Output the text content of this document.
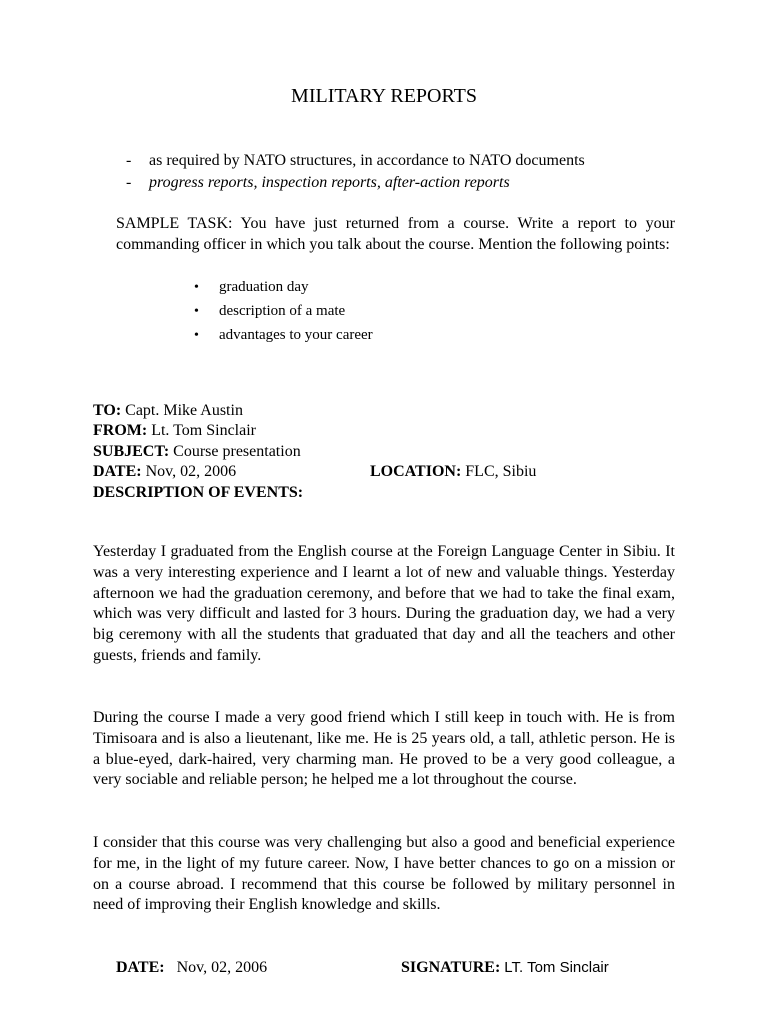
MILITARY REPORTS
- as required by NATO structures, in accordance to NATO documents
- progress reports, inspection reports, after-action reports
SAMPLE TASK: You have just returned from a course. Write a report to your commanding officer in which you talk about the course. Mention the following points:
• graduation day
• description of a mate
• advantages to your career
TO: Capt. Mike Austin
FROM: Lt. Tom Sinclair
SUBJECT: Course presentation
DATE: Nov, 02, 2006	LOCATION: FLC, Sibiu
DESCRIPTION OF EVENTS:

Yesterday I graduated from the English course at the Foreign Language Center in Sibiu. It was a very interesting experience and I learnt a lot of new and valuable things. Yesterday afternoon we had the graduation ceremony, and before that we had to take the final exam, which was very difficult and lasted for 3 hours. During the graduation day, we had a very big ceremony with all the students that graduated that day and all the teachers and other guests, friends and family.

During the course I made a very good friend which I still keep in touch with. He is from Timisoara and is also a lieutenant, like me. He is 25 years old, a tall, athletic person. He is a blue-eyed, dark-haired, very charming man. He proved to be a very good colleague, a very sociable and reliable person; he helped me a lot throughout the course.

I consider that this course was very challenging but also a good and beneficial experience for me, in the light of my future career. Now, I have better chances to go on a mission or on a course abroad. I recommend that this course be followed by military personnel in need of improving their English knowledge and skills.

DATE: Nov, 02, 2006	SIGNATURE: LT. Tom Sinclair
